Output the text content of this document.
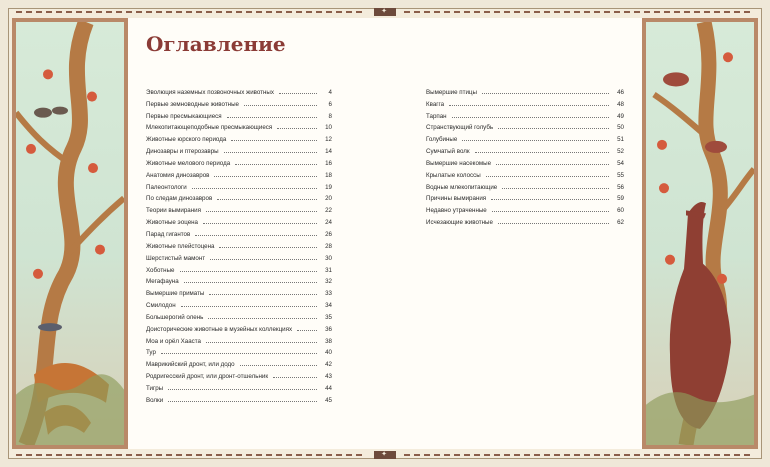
✦
✦
Оглавление
Эволюция наземных позвоночных животных	4
Первые земноводные животные	6
Первые пресмыкающиеся	8
Млекопитающеподобные пресмыкающиеся	10
Животные юрского периода	12
Динозавры и птерозавры	14
Животные мелового периода	16
Анатомия динозавров	18
Палеонтологи	19
По следам динозавров	20
Теории вымирания	22
Животные эоцена	24
Парад гигантов	26
Животные плейстоцена	28
Шерстистый мамонт	30
Хоботные	31
Мегафауна	32
Вымершие приматы	33
Смилодон	34
Большерогий олень	35
Доисторические животные в музейных коллекциях	36
Моа и орёл Хааста	38
Тур	40
Маврикийский дронт, или додо	42
Родригесский дронт, или дронт-отшельник	43
Тигры	44
Волки	45
Вымершие птицы	46
Квагга	48
Тарпан	49
Странствующий голубь	50
Голубиные	51
Сумчатый волк	52
Вымершие насекомые	54
Крылатые колоссы	55
Водные млекопитающие	56
Причины вымирания	59
Недавно утраченные	60
Исчезающие животные	62
